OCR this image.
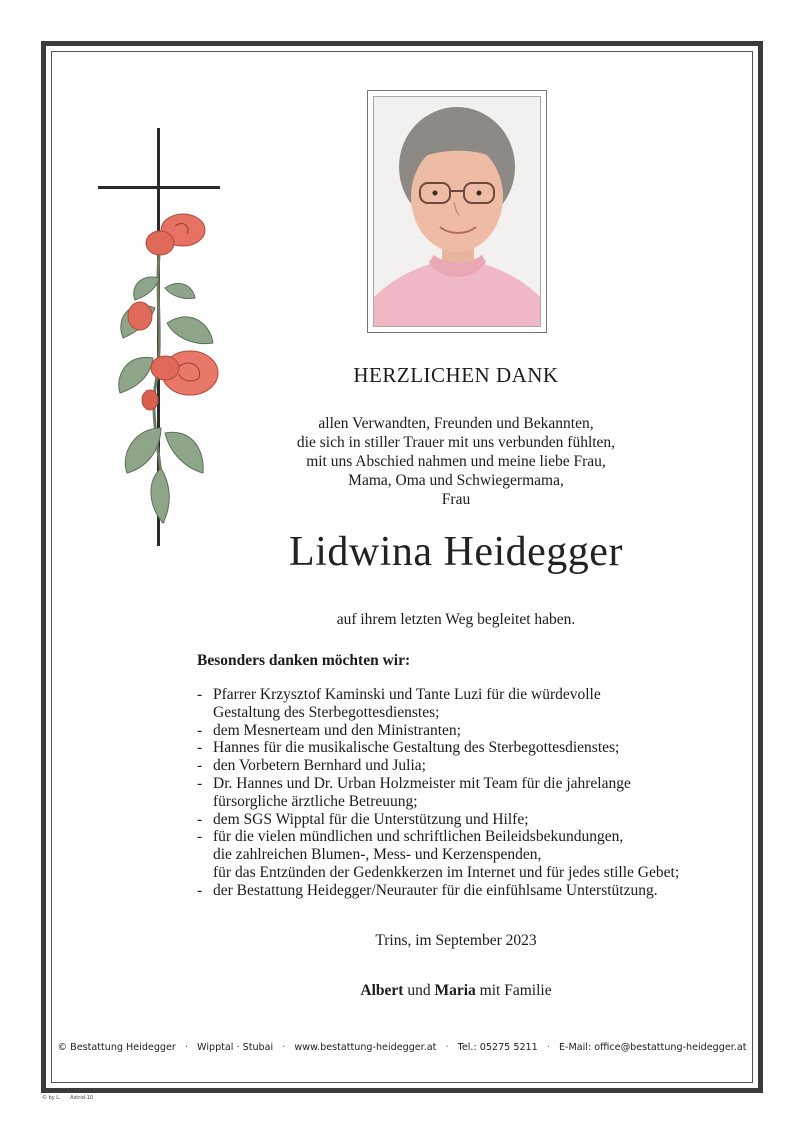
HERZLICHEN DANK
allen Verwandten, Freunden und Bekannten,
die sich in stiller Trauer mit uns verbunden fühlten,
mit uns Abschied nahmen und meine liebe Frau,
Mama, Oma und Schwiegermama,
Frau
Lidwina Heidegger
auf ihrem letzten Weg begleitet haben.
Besonders danken möchten wir:
- Pfarrer Krzysztof Kaminski und Tante Luzi für die würdevolle
Gestaltung des Sterbegottesdienstes;
- dem Mesnerteam und den Ministranten;
- Hannes für die musikalische Gestaltung des Sterbegottesdienstes;
- den Vorbetern Bernhard und Julia;
- Dr. Hannes und Dr. Urban Holzmeister mit Team für die jahrelange
fürsorgliche ärztliche Betreuung;
- dem SGS Wipptal für die Unterstützung und Hilfe;
- für die vielen mündlichen und schriftlichen Beileidsbekundungen,
die zahlreichen Blumen-, Mess- und Kerzenspenden,
für das Entzünden der Gedenkkerzen im Internet und für jedes stille Gebet;
- der Bestattung Heidegger/Neurauter für die einfühlsame Unterstützung.
Trins, im September 2023
Albert und Maria mit Familie
© Bestattung Heidegger · Wipptal · Stubai · www.bestattung-heidegger.at · Tel.: 05275 5211 · E-Mail: office@bestattung-heidegger.at
© by L. Astrid-10
